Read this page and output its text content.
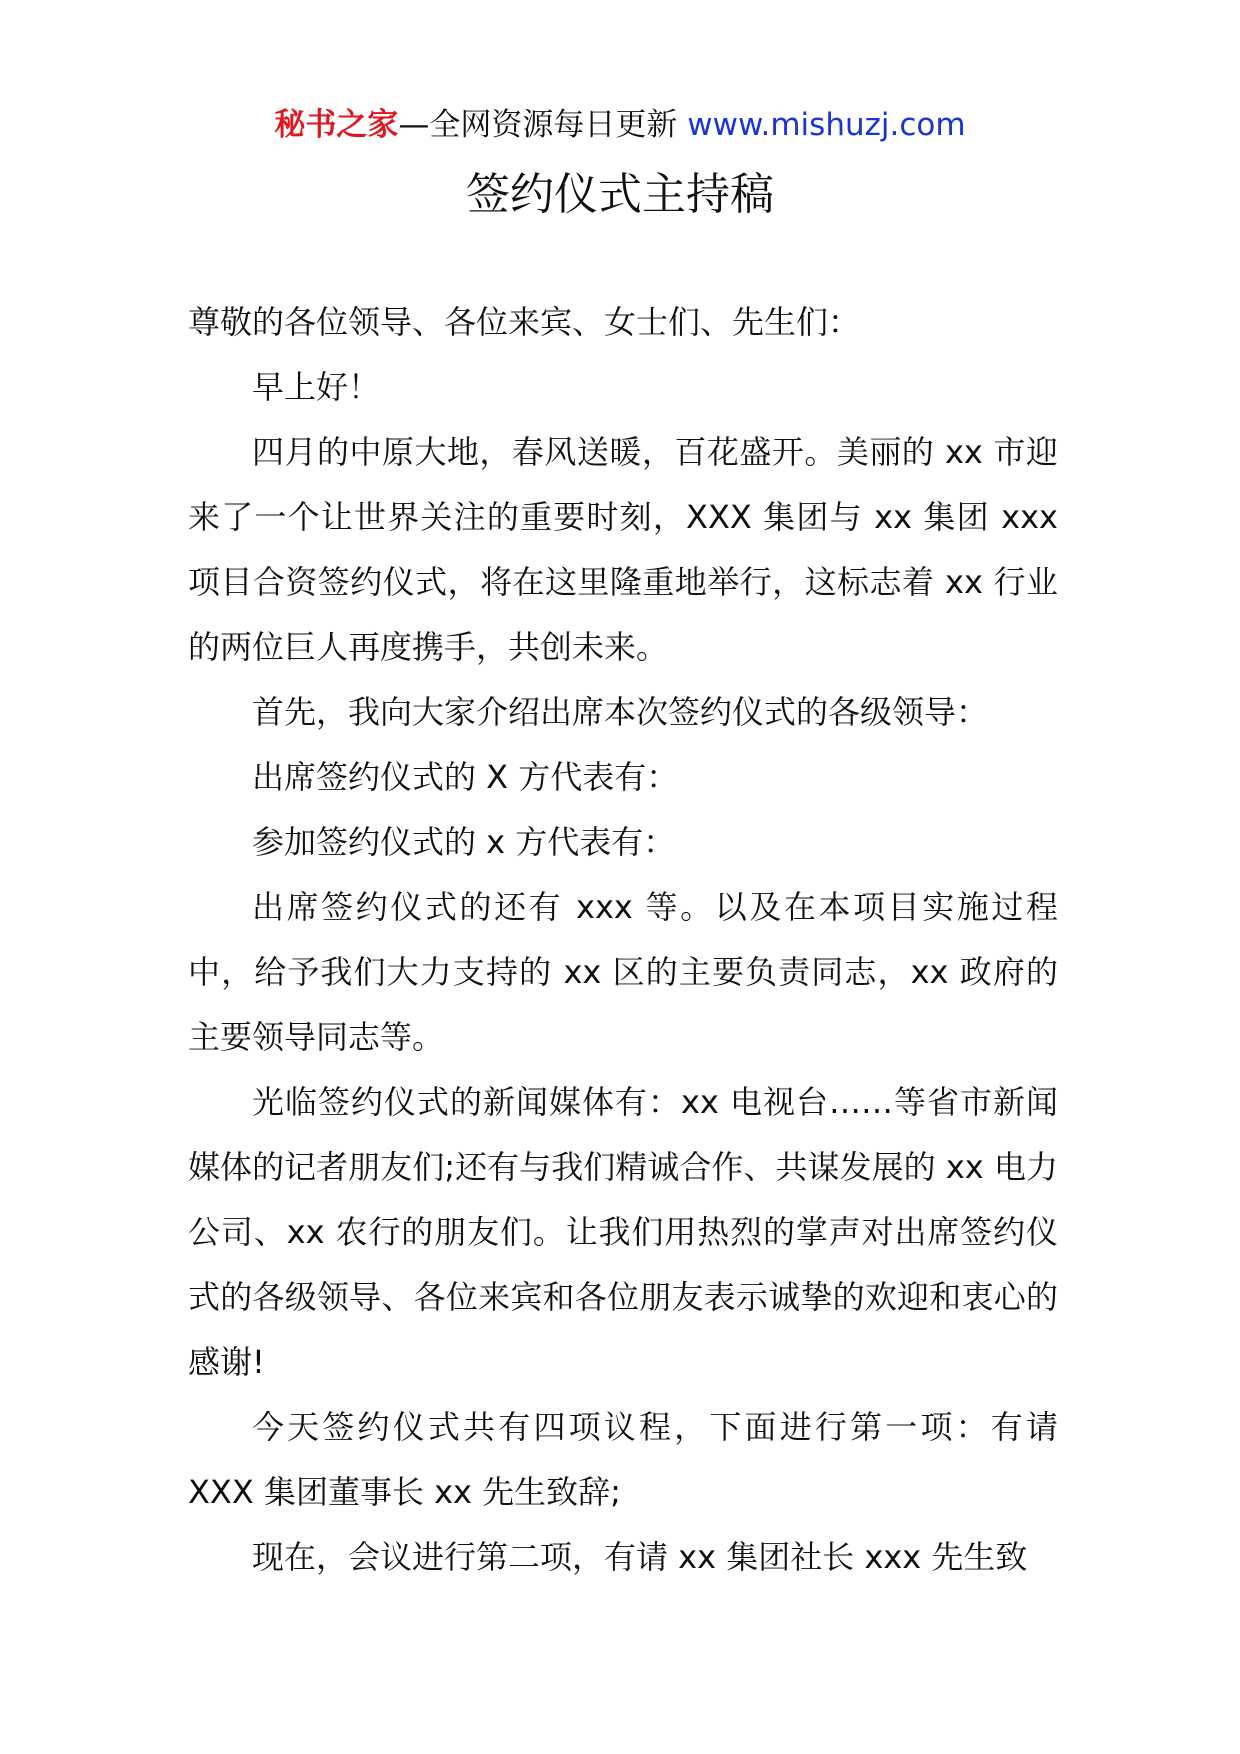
秘书之家—全网资源每日更新 www.mishuzj.com
签约仪式主持稿

尊敬的各位领导、各位来宾、女士们、先生们：

早上好！

四月的中原大地，春风送暖，百花盛开。美丽的 xx 市迎来了一个让世界关注的重要时刻，XXX 集团与 xx 集团 xxx 项目合资签约仪式，将在这里隆重地举行，这标志着 xx 行业的两位巨人再度携手，共创未来。

首先，我向大家介绍出席本次签约仪式的各级领导：

出席签约仪式的 X 方代表有：

参加签约仪式的 x 方代表有：

出席签约仪式的还有 xxx 等。以及在本项目实施过程中，给予我们大力支持的 xx 区的主要负责同志，xx 政府的主要领导同志等。

光临签约仪式的新闻媒体有：xx 电视台……等省市新闻媒体的记者朋友们;还有与我们精诚合作、共谋发展的 xx 电力公司、xx 农行的朋友们。让我们用热烈的掌声对出席签约仪式的各级领导、各位来宾和各位朋友表示诚挚的欢迎和衷心的感谢!

今天签约仪式共有四项议程，下面进行第一项：有请 XXX 集团董事长 xx 先生致辞;

现在，会议进行第二项，有请 xx 集团社长 xxx 先生致
